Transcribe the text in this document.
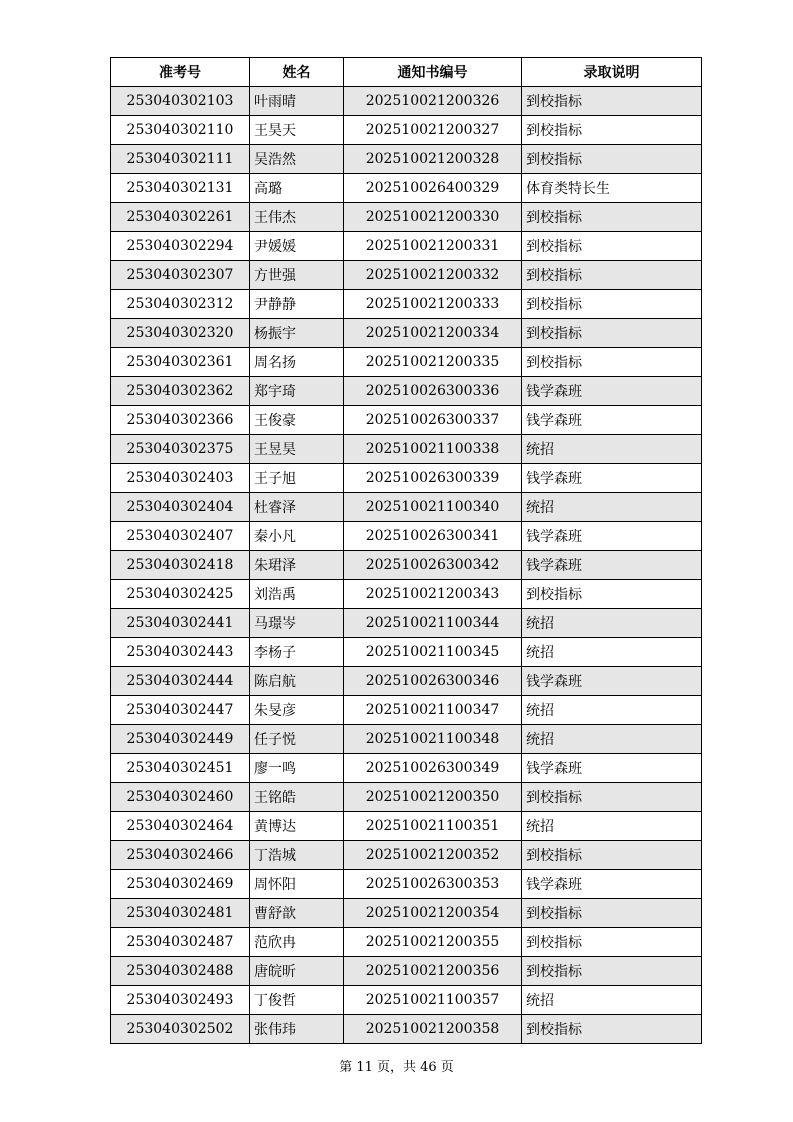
准考号	姓名	通知书编号	录取说明
253040302103	叶雨晴	202510021200326	到校指标
253040302110	王昊天	202510021200327	到校指标
253040302111	吴浩然	202510021200328	到校指标
253040302131	高璐	202510026400329	体育类特长生
253040302261	王伟杰	202510021200330	到校指标
253040302294	尹媛媛	202510021200331	到校指标
253040302307	方世强	202510021200332	到校指标
253040302312	尹静静	202510021200333	到校指标
253040302320	杨振宇	202510021200334	到校指标
253040302361	周名扬	202510021200335	到校指标
253040302362	郑宇琦	202510026300336	钱学森班
253040302366	王俊豪	202510026300337	钱学森班
253040302375	王昱昊	202510021100338	统招
253040302403	王子旭	202510026300339	钱学森班
253040302404	杜睿泽	202510021100340	统招
253040302407	秦小凡	202510026300341	钱学森班
253040302418	朱珺泽	202510026300342	钱学森班
253040302425	刘浩禹	202510021200343	到校指标
253040302441	马璟岑	202510021100344	统招
253040302443	李杨子	202510021100345	统招
253040302444	陈启航	202510026300346	钱学森班
253040302447	朱旻彦	202510021100347	统招
253040302449	任子悦	202510021100348	统招
253040302451	廖一鸣	202510026300349	钱学森班
253040302460	王铭皓	202510021200350	到校指标
253040302464	黄博达	202510021100351	统招
253040302466	丁浩城	202510021200352	到校指标
253040302469	周怀阳	202510026300353	钱学森班
253040302481	曹舒歆	202510021200354	到校指标
253040302487	范欣冉	202510021200355	到校指标
253040302488	唐皖昕	202510021200356	到校指标
253040302493	丁俊哲	202510021100357	统招
253040302502	张伟玮	202510021200358	到校指标
第 11 页，共 46 页
